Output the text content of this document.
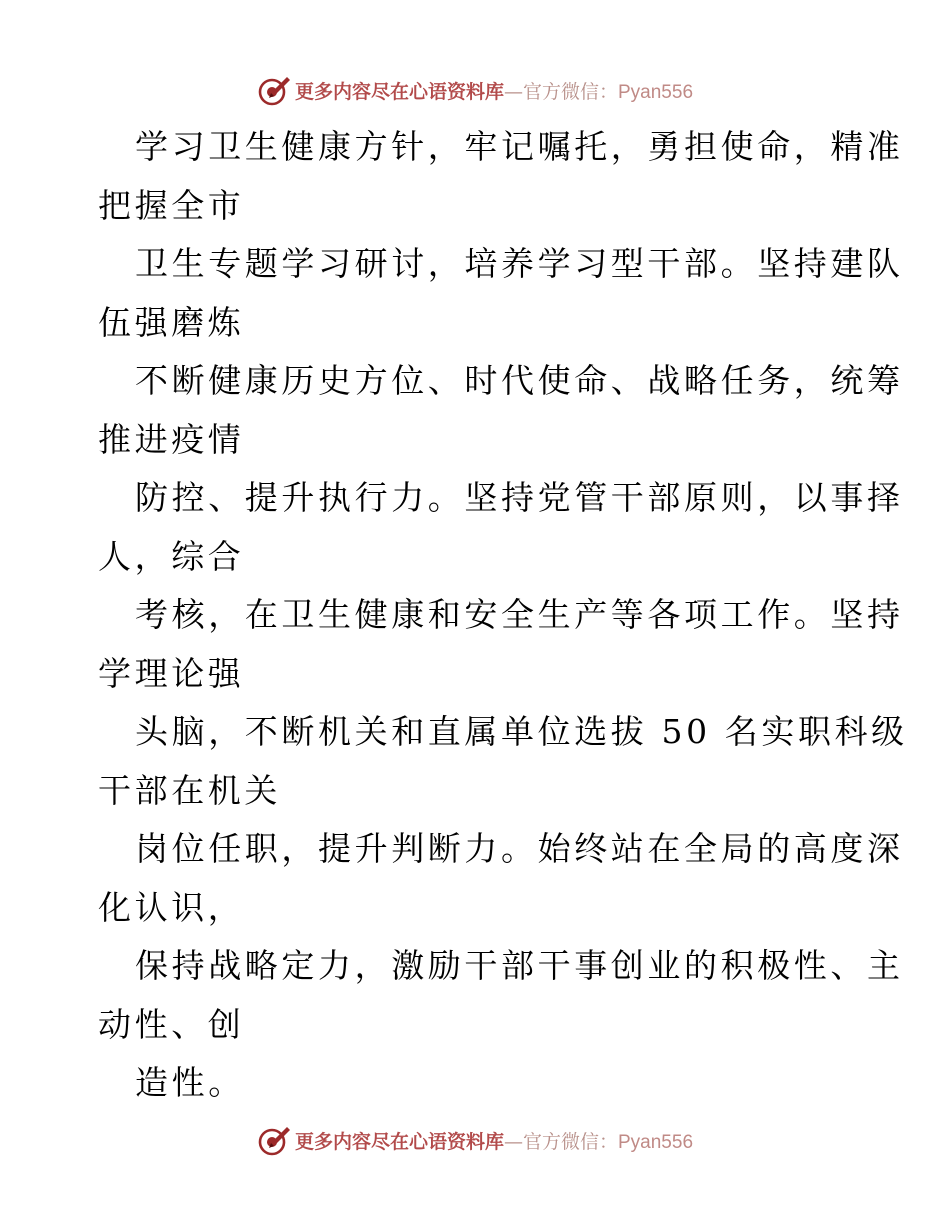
更多内容尽在心语资料库—官方微信：Pyan556
学习卫生健康方针，牢记嘱托，勇担使命，精准
把握全市
卫生专题学习研讨，培养学习型干部。坚持建队
伍强磨炼
不断健康历史方位、时代使命、战略任务，统筹
推进疫情
防控、提升执行力。坚持党管干部原则，以事择
人，综合
考核，在卫生健康和安全生产等各项工作。坚持
学理论强
头脑，不断机关和直属单位选拔 50 名实职科级
干部在机关
岗位任职，提升判断力。始终站在全局的高度深
化认识，
保持战略定力，激励干部干事创业的积极性、主
动性、创
造性。
更多内容尽在心语资料库—官方微信：Pyan556
